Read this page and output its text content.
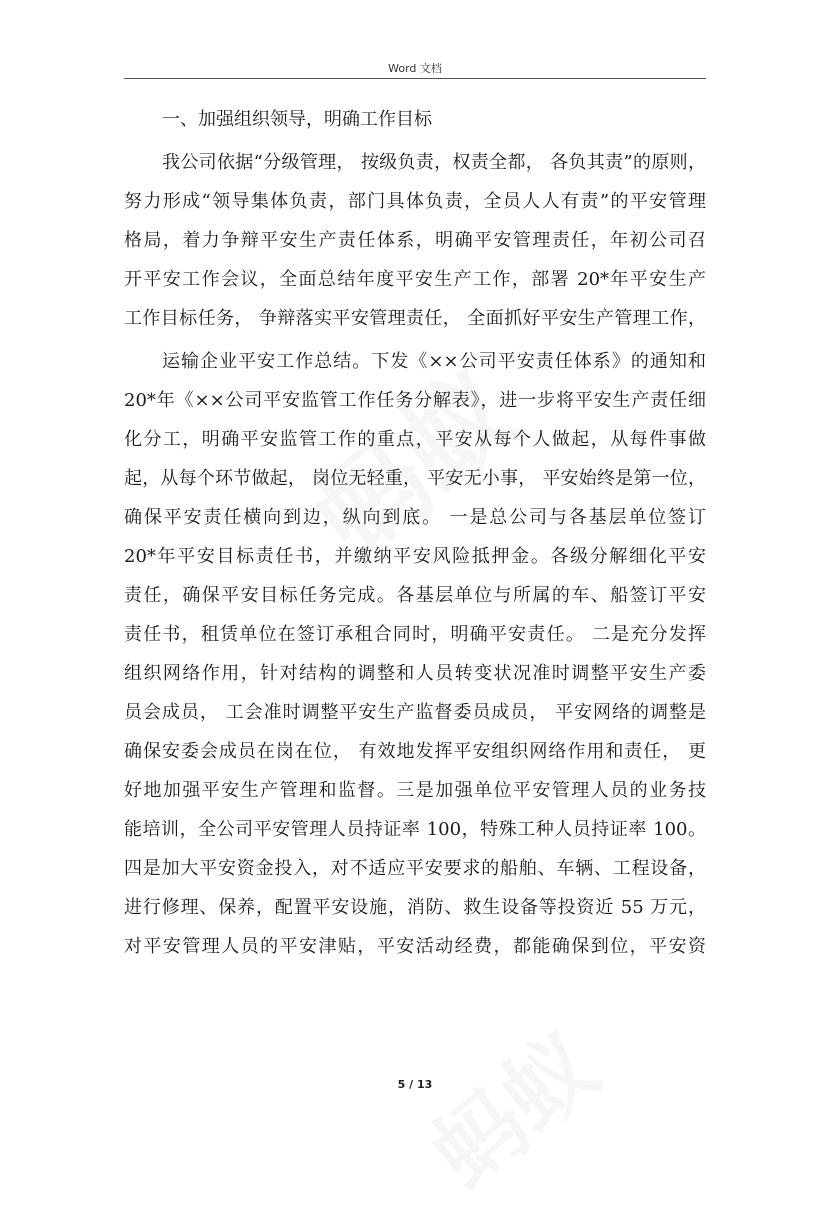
Word 文档
一、加强组织领导，明确工作目标
我公司依据“分级管理， 按级负责，权责全都， 各负其责”的原则，
努力形成“领导集体负责，部门具体负责，全员人人有责”的平安管理
格局，着力争辩平安生产责任体系，明确平安管理责任，年初公司召
开平安工作会议，全面总结年度平安生产工作，部署 20*年平安生产
工作目标任务， 争辩落实平安管理责任， 全面抓好平安生产管理工作，
运输企业平安工作总结。下发《××公司平安责任体系》的通知和
20*年《××公司平安监管工作任务分解表》，进一步将平安生产责任细
化分工，明确平安监管工作的重点，平安从每个人做起，从每件事做
起，从每个环节做起， 岗位无轻重， 平安无小事， 平安始终是第一位，
确保平安责任横向到边，纵向到底。 一是总公司与各基层单位签订
20*年平安目标责任书，并缴纳平安风险抵押金。各级分解细化平安
责任，确保平安目标任务完成。各基层单位与所属的车、船签订平安
责任书，租赁单位在签订承租合同时，明确平安责任。 二是充分发挥
组织网络作用，针对结构的调整和人员转变状况准时调整平安生产委
员会成员， 工会准时调整平安生产监督委员成员， 平安网络的调整是
确保安委会成员在岗在位， 有效地发挥平安组织网络作用和责任， 更
好地加强平安生产管理和监督。三是加强单位平安管理人员的业务技
能培训，全公司平安管理人员持证率 100，特殊工种人员持证率 100。
四是加大平安资金投入，对不适应平安要求的船舶、车辆、工程设备，
进行修理、保养，配置平安设施，消防、救生设备等投资近 55 万元，
对平安管理人员的平安津贴，平安活动经费，都能确保到位，平安资
5 / 13
